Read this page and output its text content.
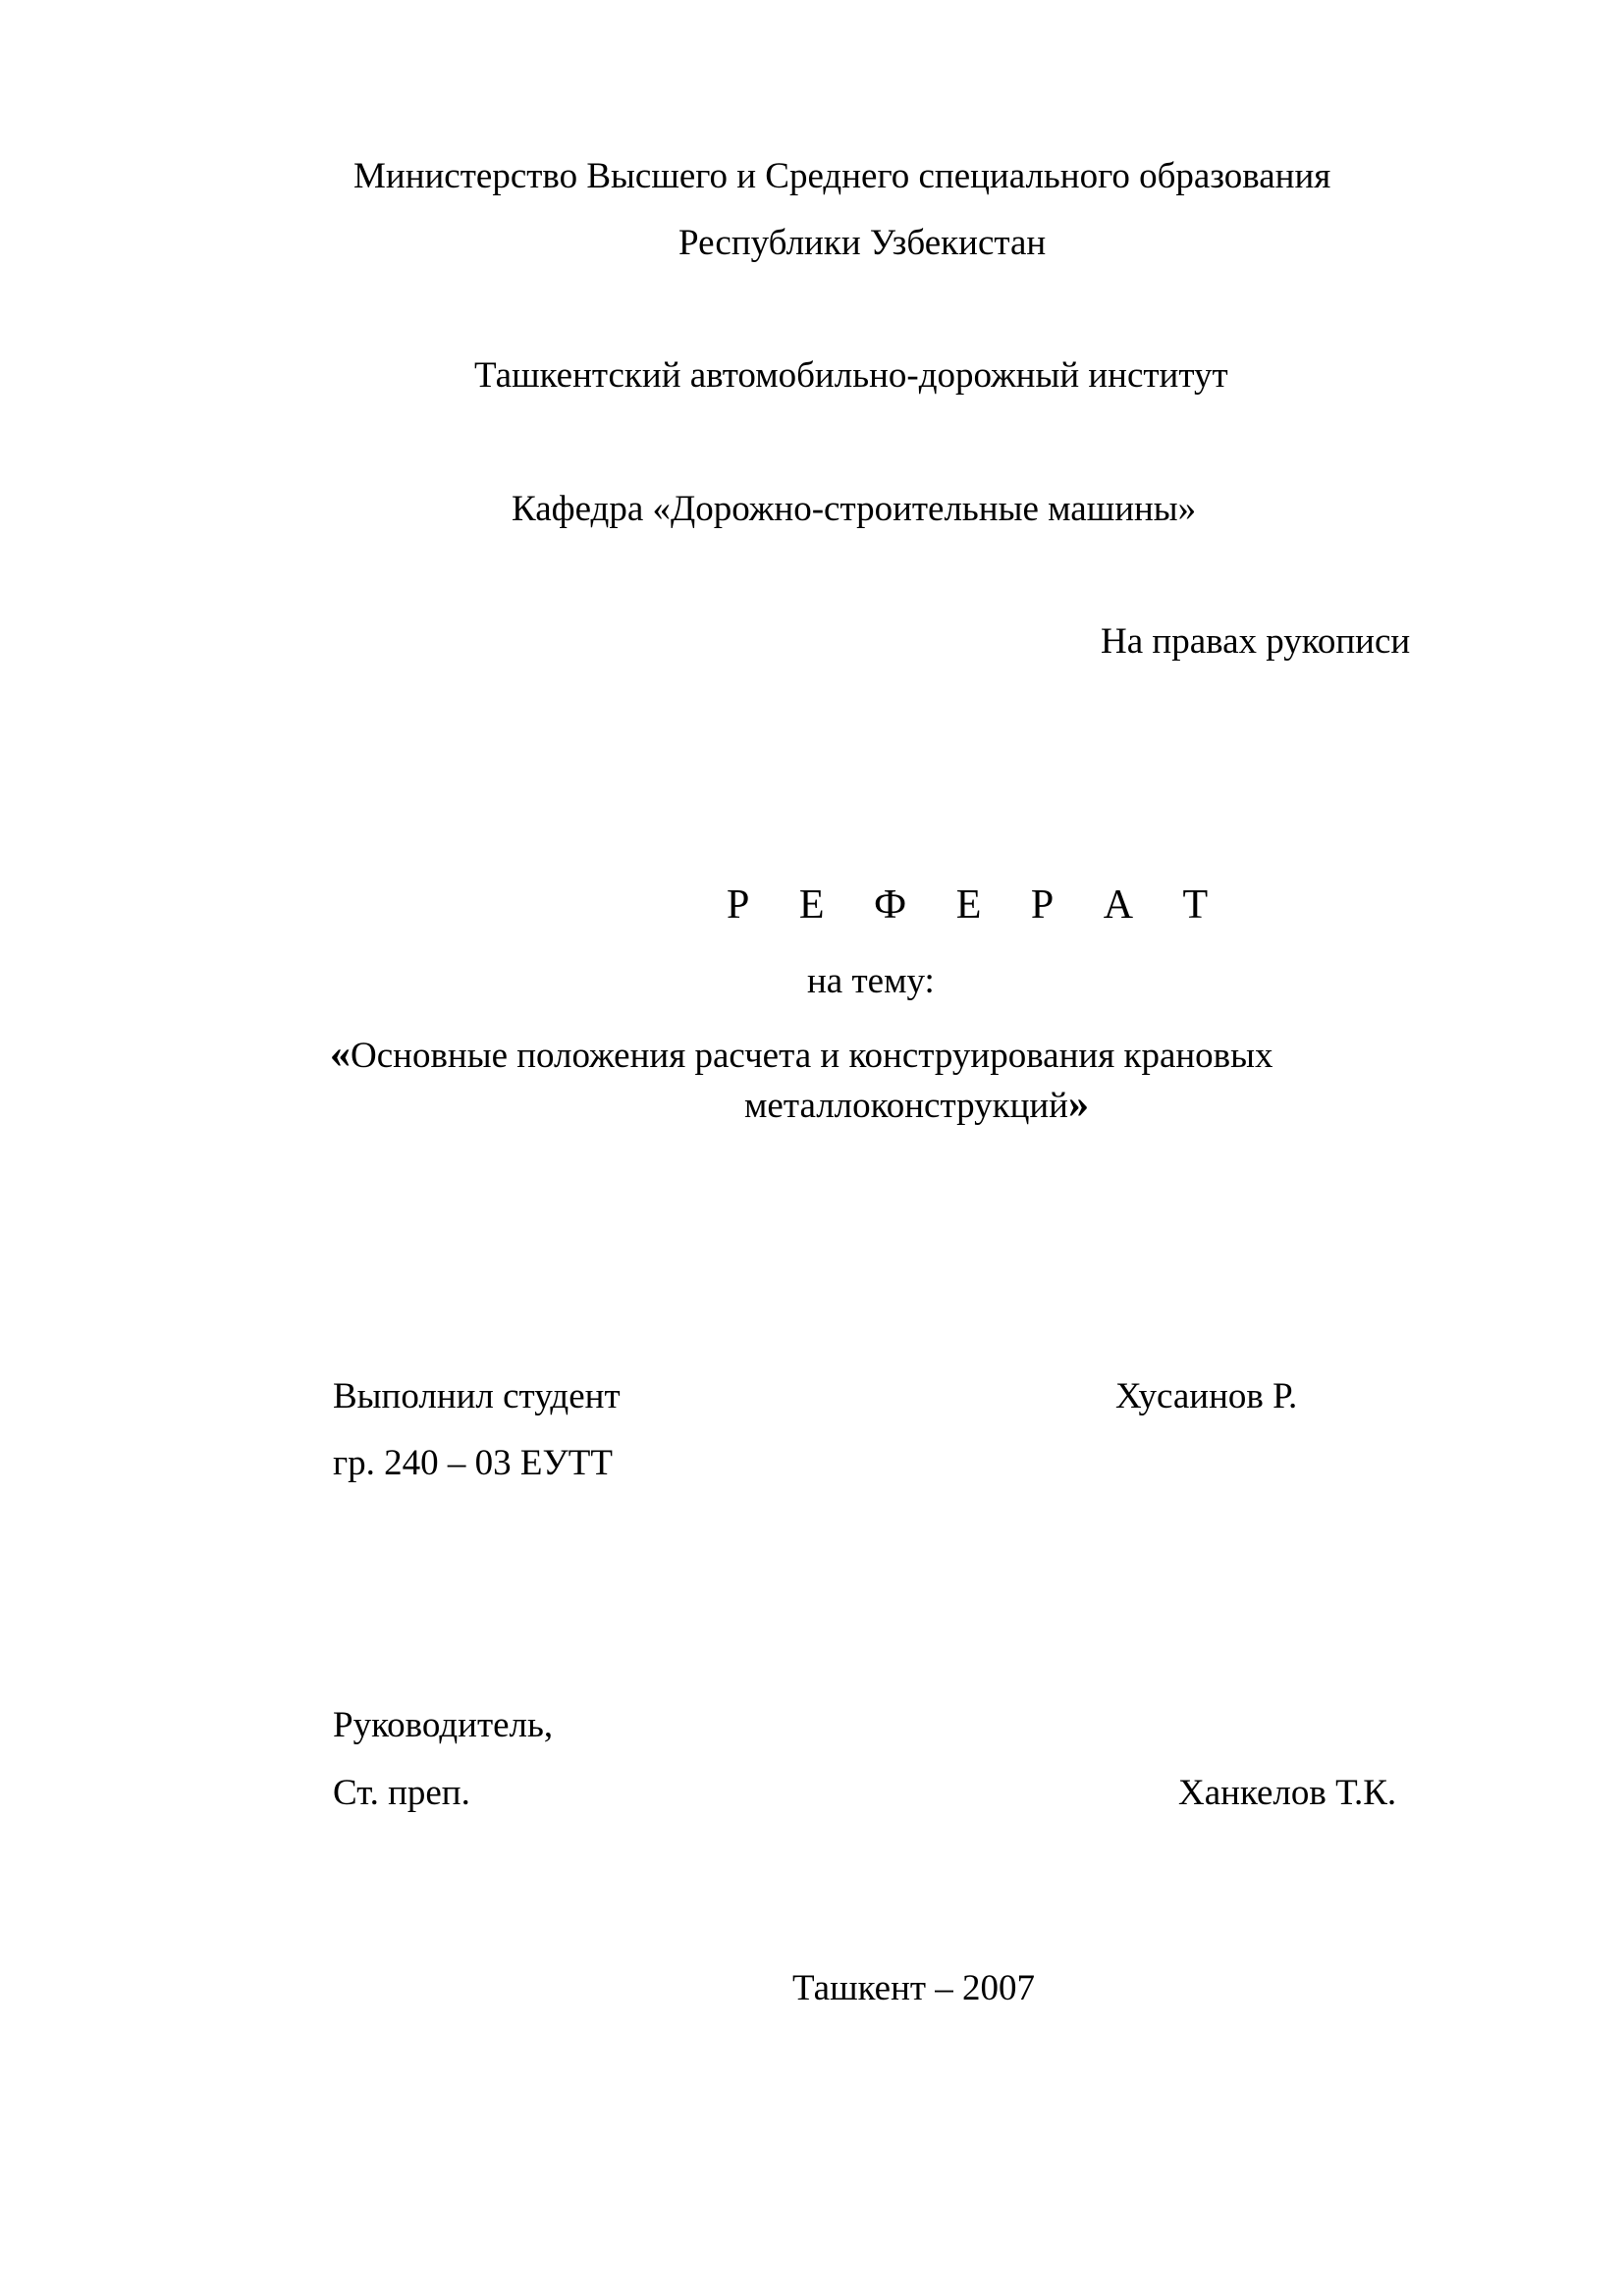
Министерство Высшего и Среднего специального образования
Республики Узбекистан
Ташкентский автомобильно-дорожный институт
Кафедра «Дорожно-строительные машины»
На правах рукописи
Р Е Ф Е Р А Т
на тему:
«Основные положения расчета и конструирования крановых
металлоконструкций»
Выполнил студент	Хусаинов Р.
гр. 240 – 03 ЕУТТ
Руководитель,
Ст. преп.	Ханкелов Т.К.
Ташкент – 2007
